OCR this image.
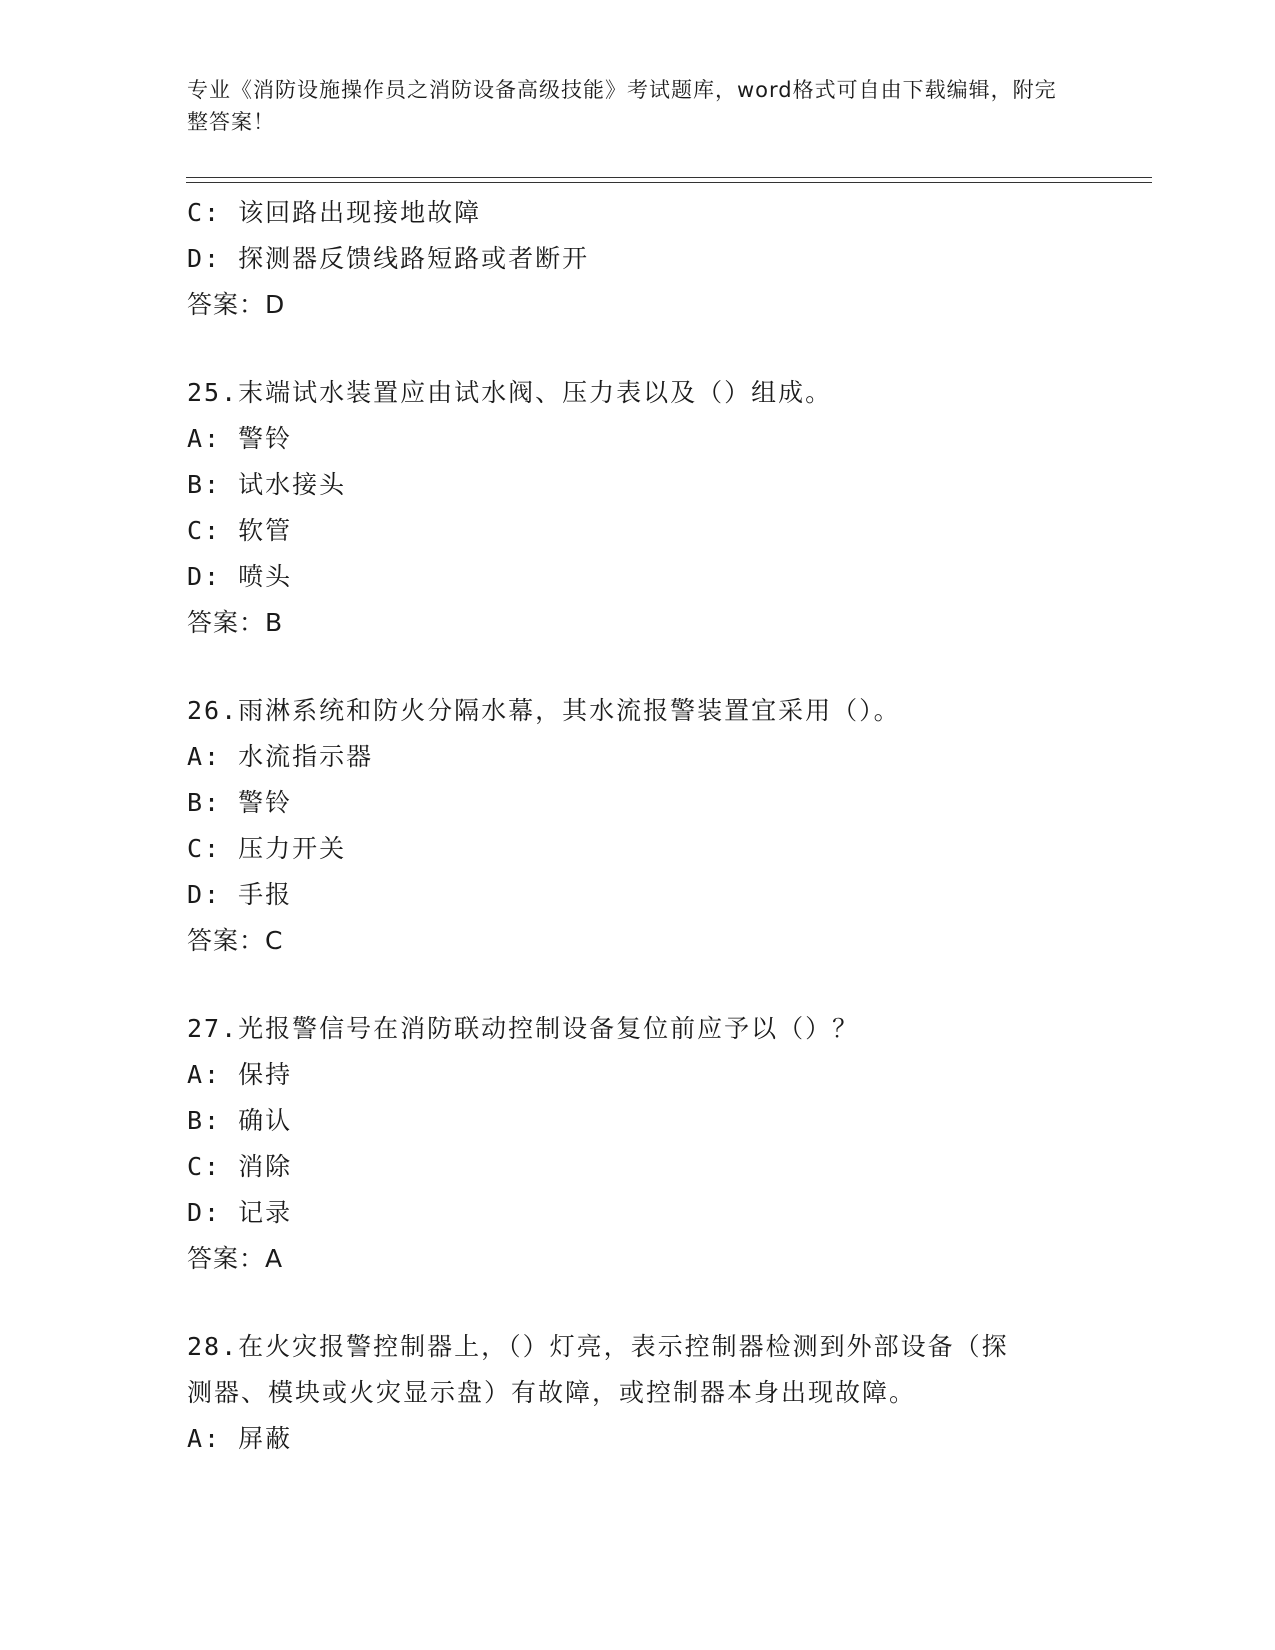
专业《消防设施操作员之消防设备高级技能》考试题库，word格式可自由下载编辑，附完整答案！
C: 该回路出现接地故障
D: 探测器反馈线路短路或者断开
答案：D
25.末端试水装置应由试水阀、压力表以及（）组成。
A: 警铃
B: 试水接头
C: 软管
D: 喷头
答案：B
26.雨淋系统和防火分隔水幕，其水流报警装置宜采用（）。
A: 水流指示器
B: 警铃
C: 压力开关
D: 手报
答案：C
27.光报警信号在消防联动控制设备复位前应予以（）？
A: 保持
B: 确认
C: 消除
D: 记录
答案：A
28.在火灾报警控制器上，（）灯亮，表示控制器检测到外部设备（探
测器、模块或火灾显示盘）有故障，或控制器本身出现故障。
A: 屏蔽
